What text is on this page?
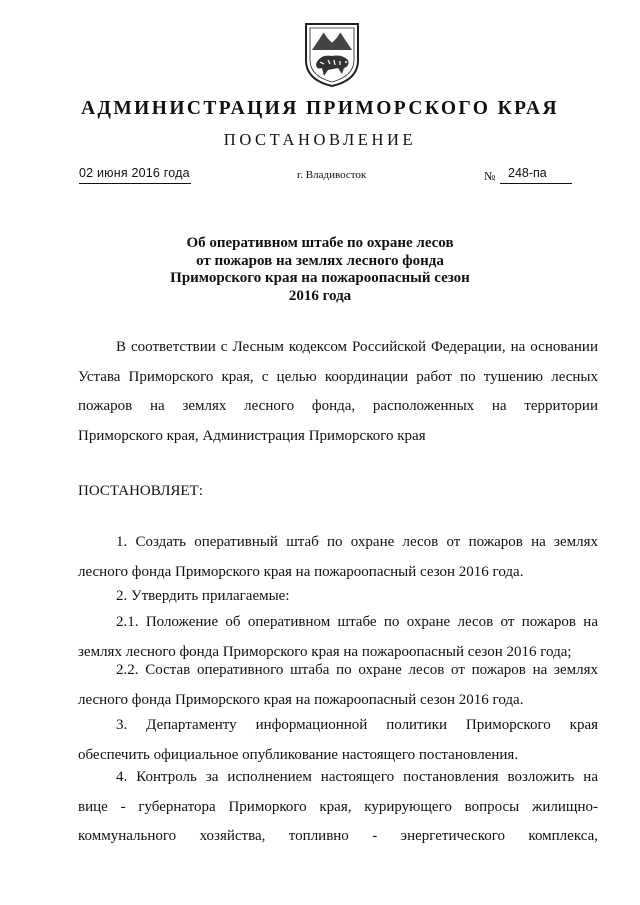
АДМИНИСТРАЦИЯ ПРИМОРСКОГО КРАЯ
ПОСТАНОВЛЕНИЕ
02 июня 2016 года	г. Владивосток	№ 248-па
Об оперативном штабе по охране лесов
от пожаров на землях лесного фонда
Приморского края на пожароопасный сезон
2016 года
В соответствии с Лесным кодексом Российской Федерации, на основании
Устава Приморского края, с целью координации работ по тушению лесных
пожаров на землях лесного фонда, расположенных на территории
Приморского края, Администрация Приморского края
ПОСТАНОВЛЯЕТ:
1. Создать оперативный штаб по охране лесов от пожаров на землях
лесного фонда Приморского края на пожароопасный сезон 2016 года.
2. Утвердить прилагаемые:
2.1. Положение об оперативном штабе по охране лесов от пожаров на
землях лесного фонда Приморского края на пожароопасный сезон 2016 года;
2.2. Состав оперативного штаба по охране лесов от пожаров на землях
лесного фонда Приморского края на пожароопасный сезон 2016 года.
3. Департаменту информационной политики Приморского края
обеспечить официальное опубликование настоящего постановления.
4. Контроль за исполнением настоящего постановления возложить на
вице - губернатора Приморкого края, курирующего вопросы жилищно-
коммунального хозяйства, топливно - энергетического комплекса,
